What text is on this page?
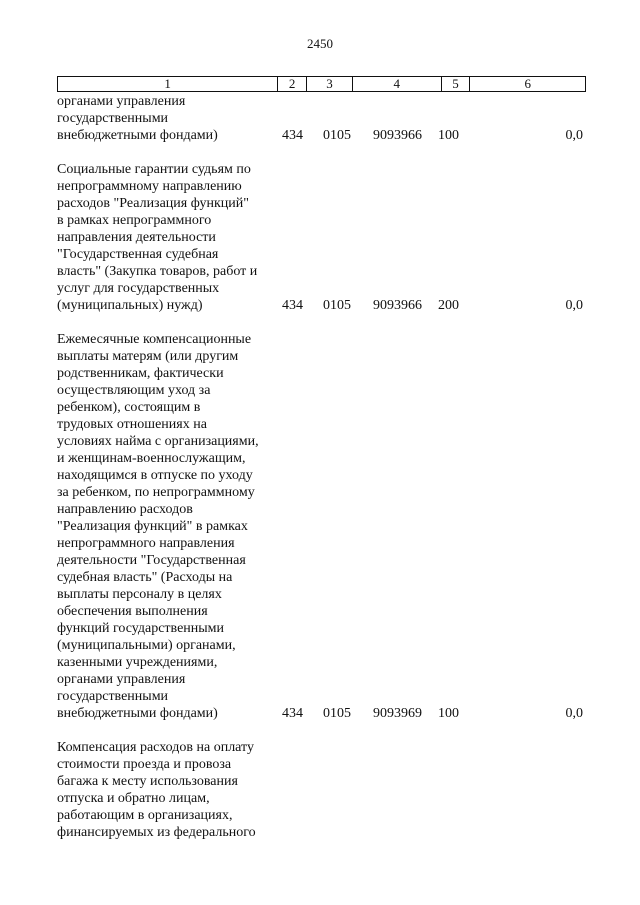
2450
1	2	3	4	5	6
органами управления
государственными
внебюджетными фондами)	434 0105 9093966 100	0,0
Социальные гарантии судьям по
непрограммному направлению
расходов "Реализация функций"
в рамках непрограммного
направления деятельности
"Государственная судебная
власть" (Закупка товаров, работ и
услуг для государственных
(муниципальных) нужд)	434 0105 9093966 200	0,0
Ежемесячные компенсационные
выплаты матерям (или другим
родственникам, фактически
осуществляющим уход за
ребенком), состоящим в
трудовых отношениях на
условиях найма с организациями,
и женщинам-военнослужащим,
находящимся в отпуске по уходу
за ребенком, по непрограммному
направлению расходов
"Реализация функций" в рамках
непрограммного направления
деятельности "Государственная
судебная власть" (Расходы на
выплаты персоналу в целях
обеспечения выполнения
функций государственными
(муниципальными) органами,
казенными учреждениями,
органами управления
государственными
внебюджетными фондами)	434 0105 9093969 100	0,0
Компенсация расходов на оплату
стоимости проезда и провоза
багажа к месту использования
отпуска и обратно лицам,
работающим в организациях,
финансируемых из федерального
